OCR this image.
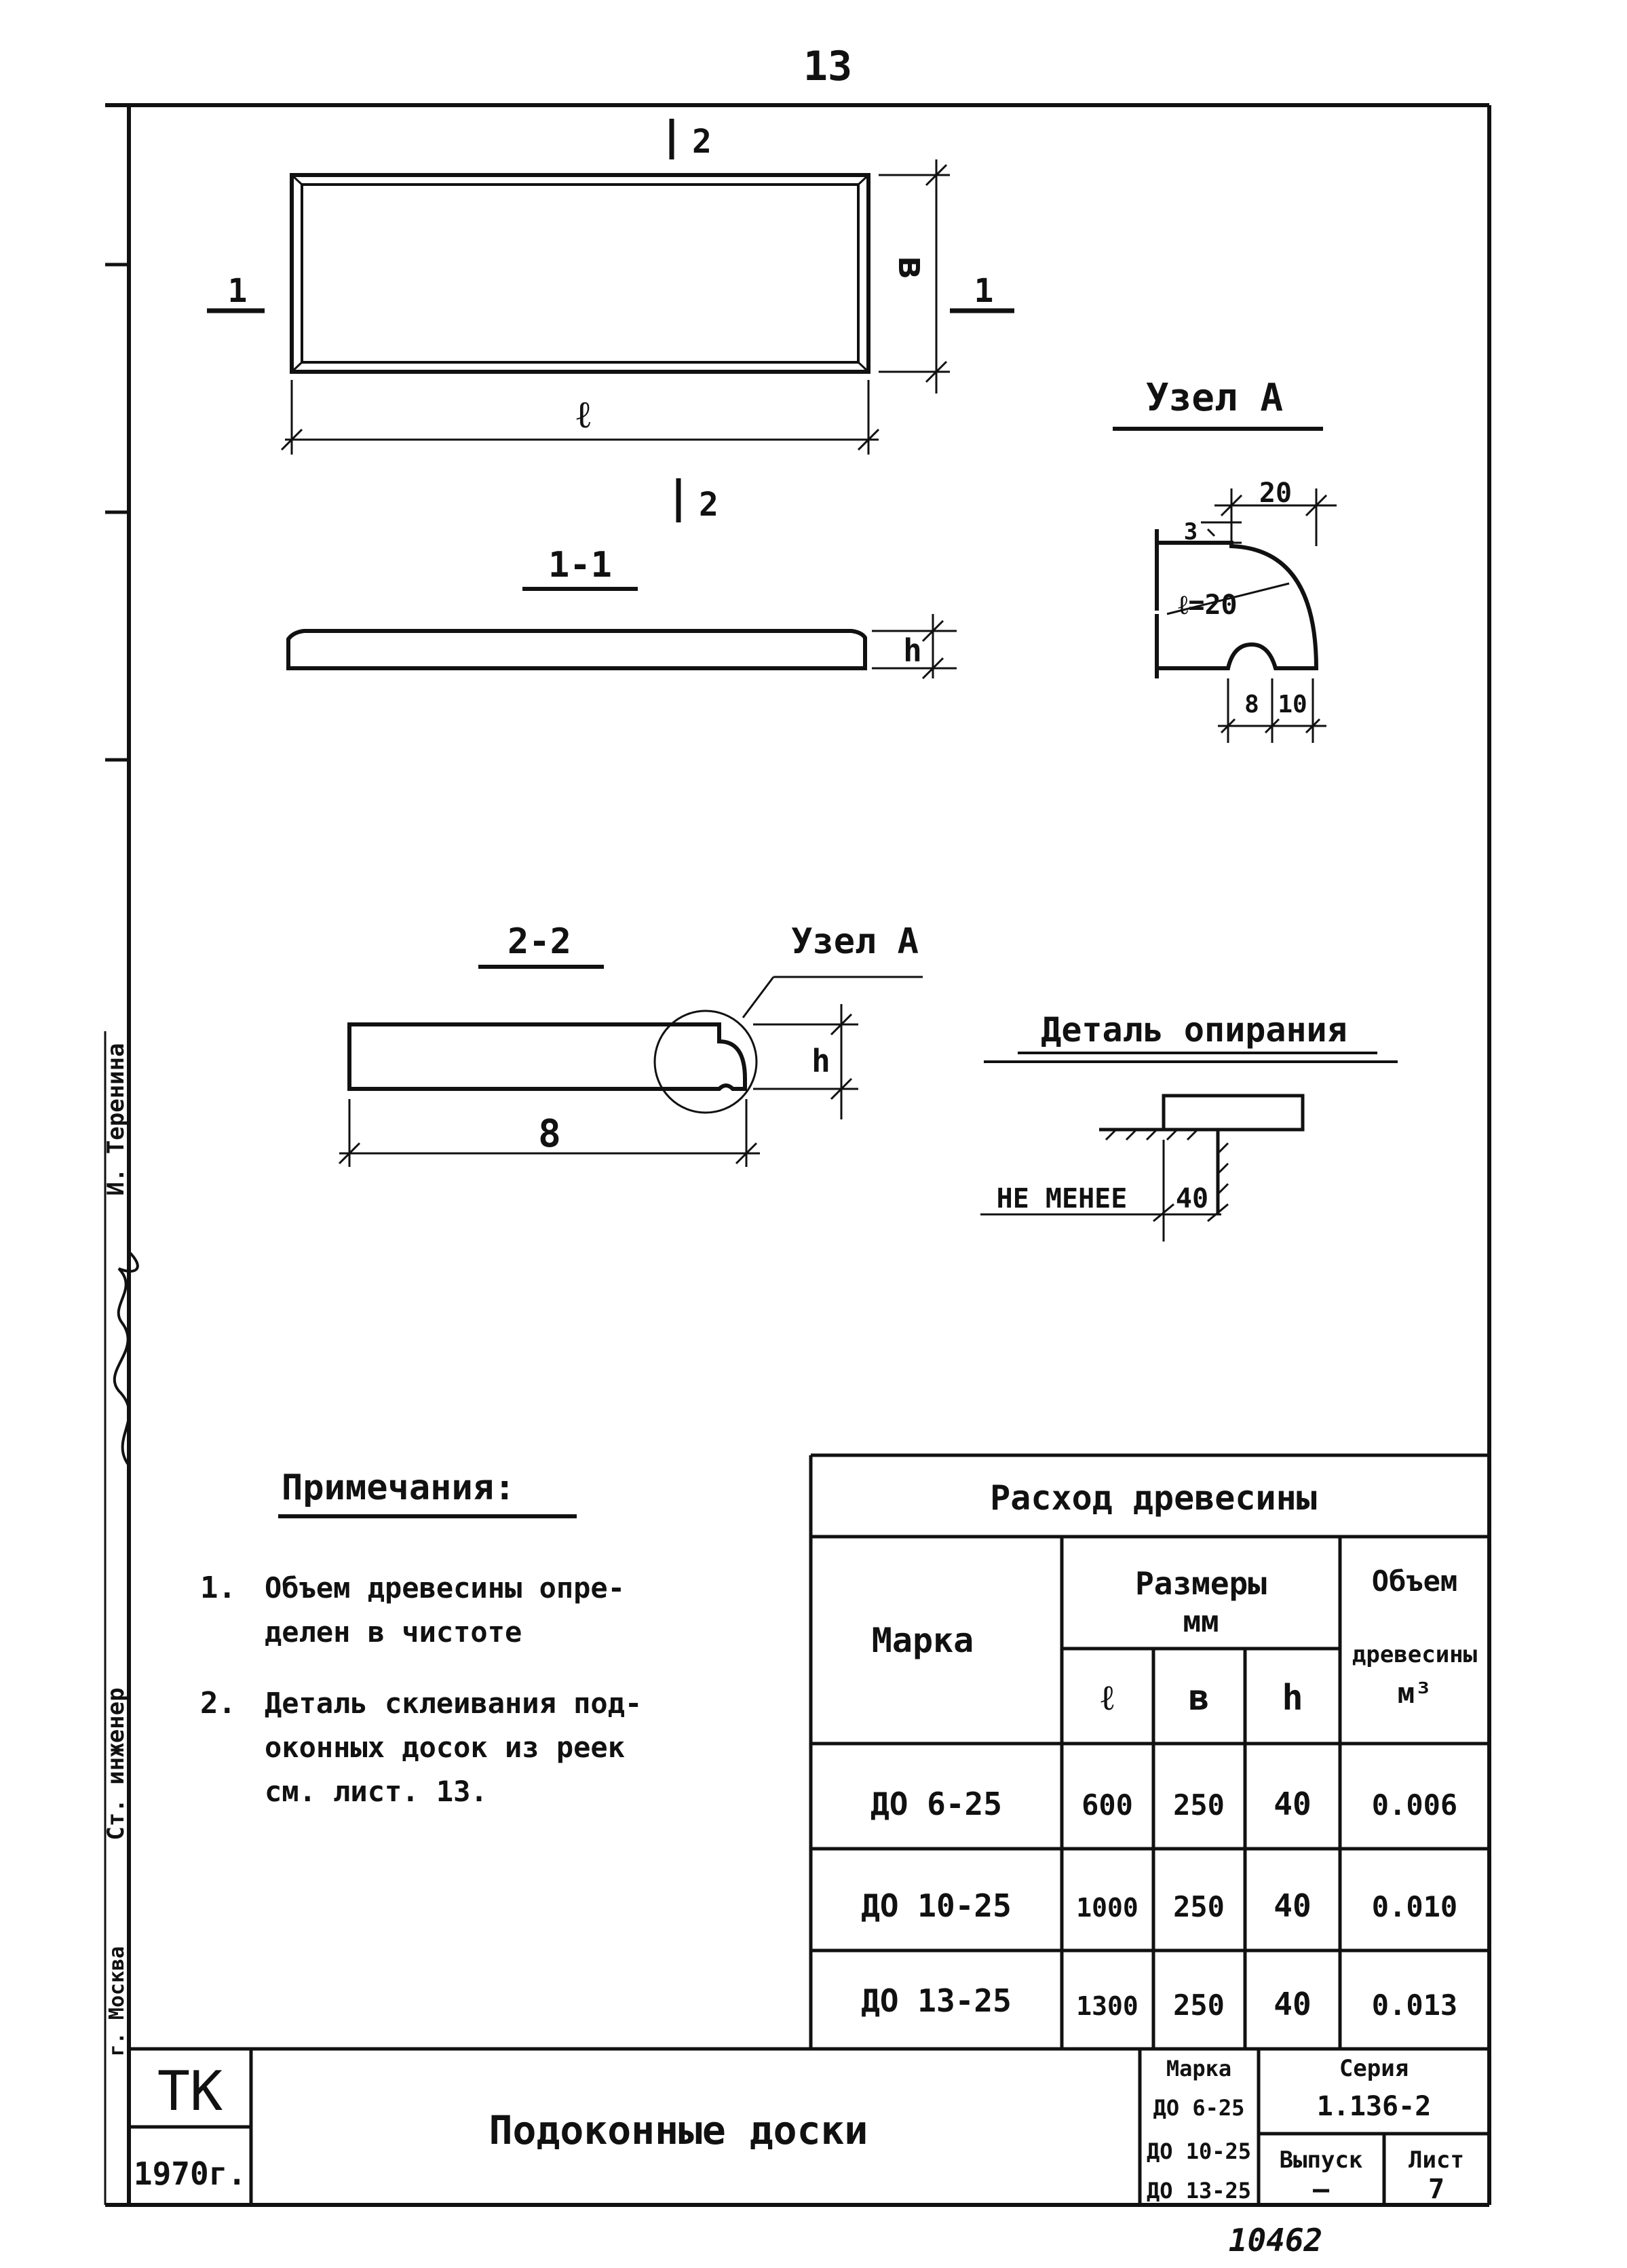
13
2
2
1	1
ℓ
в
1-1
h
Узел А
20
3
ℓ=20
8 10
2-2	Узел А
8
h
Деталь опирания
НЕ МЕНЕЕ 40
Примечания:
1. Объем древесины опре-
делен в чистоте
2. Деталь склеивания под-
оконных досок из реек
см. лист. 13.
Расход древесины
Марка
Размеры
мм
ℓ в h
Объем
древесины
м³
ДО 6-25	600 250 40 0.006
ДО 10-25	1000 250 40 0.010
ДО 13-25	1300 250 40 0.013
ТК
1970г.
Подоконные доски
Марка
ДО 6-25
ДО 10-25
ДО 13-25
Серия
1.136-2
Выпуск
—
Лист
7
Ст. инженер
И. Теренина
г. Москва
10462
